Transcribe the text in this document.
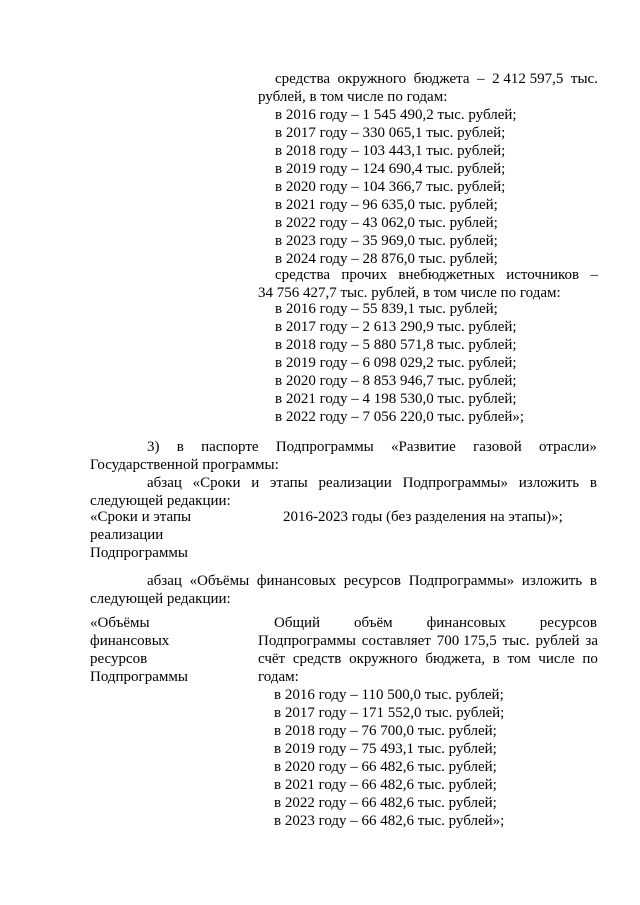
средства окружного бюджета – 2 412 597,5 тыс.
рублей, в том числе по годам:
в 2016 году – 1 545 490,2 тыс. рублей;
в 2017 году – 330 065,1 тыс. рублей;
в 2018 году – 103 443,1 тыс. рублей;
в 2019 году – 124 690,4 тыс. рублей;
в 2020 году – 104 366,7 тыс. рублей;
в 2021 году – 96 635,0 тыс. рублей;
в 2022 году – 43 062,0 тыс. рублей;
в 2023 году – 35 969,0 тыс. рублей;
в 2024 году – 28 876,0 тыс. рублей;
средства прочих внебюджетных источников –
34 756 427,7 тыс. рублей, в том числе по годам:
в 2016 году – 55 839,1 тыс. рублей;
в 2017 году – 2 613 290,9 тыс. рублей;
в 2018 году – 5 880 571,8 тыс. рублей;
в 2019 году – 6 098 029,2 тыс. рублей;
в 2020 году – 8 853 946,7 тыс. рублей;
в 2021 году – 4 198 530,0 тыс. рублей;
в 2022 году – 7 056 220,0 тыс. рублей»;
3) в паспорте Подпрограммы «Развитие газовой отрасли»
Государственной программы:
абзац «Сроки и этапы реализации Подпрограммы» изложить в
следующей редакции:
«Сроки и этапы
реализации
Подпрограммы
2016-2023 годы (без разделения на этапы)»;
абзац «Объёмы финансовых ресурсов Подпрограммы» изложить в
следующей редакции:
«Объёмы
финансовых
ресурсов
Подпрограммы
Общий объём финансовых ресурсов
Подпрограммы составляет 700 175,5 тыс. рублей за
счёт средств окружного бюджета, в том числе по
годам:
в 2016 году – 110 500,0 тыс. рублей;
в 2017 году – 171 552,0 тыс. рублей;
в 2018 году – 76 700,0 тыс. рублей;
в 2019 году – 75 493,1 тыс. рублей;
в 2020 году – 66 482,6 тыс. рублей;
в 2021 году – 66 482,6 тыс. рублей;
в 2022 году – 66 482,6 тыс. рублей;
в 2023 году – 66 482,6 тыс. рублей»;
